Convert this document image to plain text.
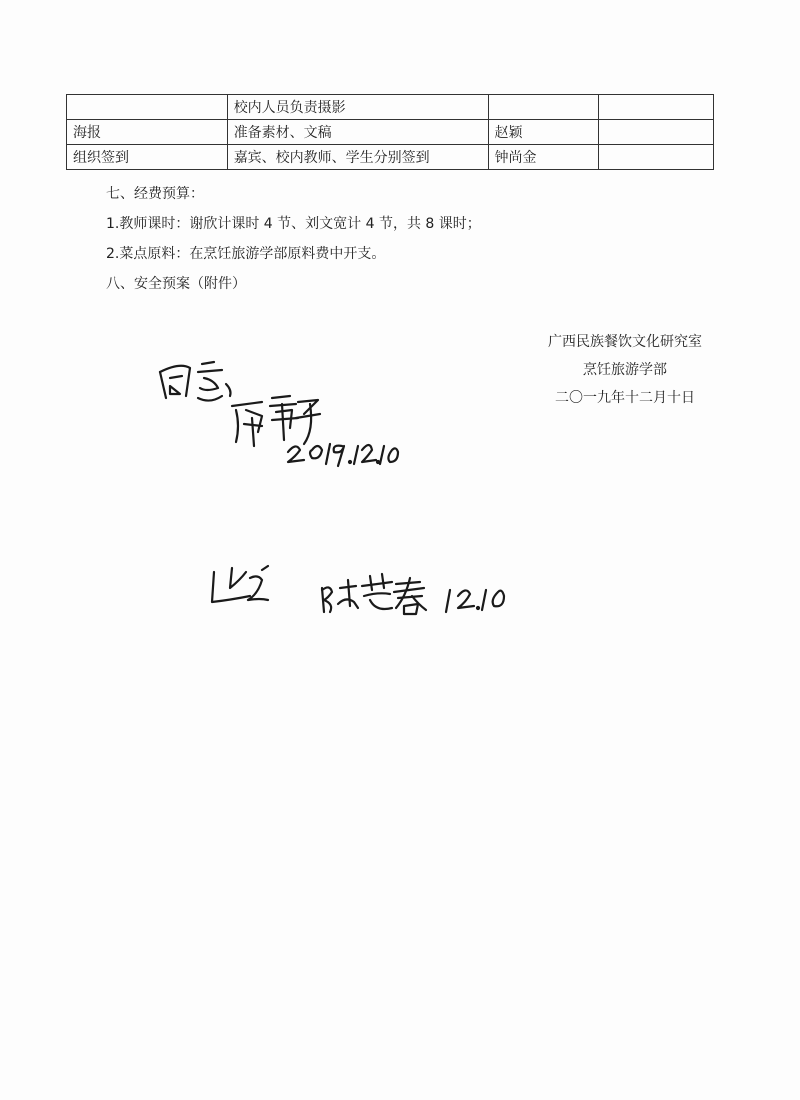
	校内人员负责摄影		
海报	准备素材、文稿	赵颖	
组织签到	嘉宾、校内教师、学生分别签到	钟尚金	
七、经费预算：
1.教师课时：谢欣计课时 4 节、刘文宽计 4 节，共 8 课时；
2.菜点原料：在烹饪旅游学部原料费中开支。
八、安全预案（附件）
广西民族餐饮文化研究室
烹饪旅游学部
二〇一九年十二月十日
